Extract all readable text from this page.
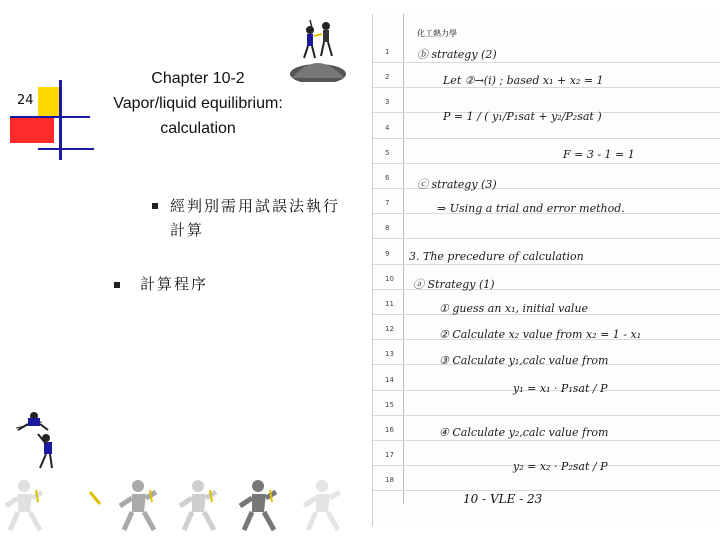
24
Chapter 10-2
Vapor/liquid equilibrium:
calculation
經判別需用試誤法執行計算
計算程序
化工熱力學
1
2
3
4
5
6
7
8
9
10
11
12
13
14
15
16
17
18
ⓑ strategy (2)
Let ②→(i) ; based x₁ + x₂ = 1
P = 1 / ( y₁/P₁sat + y₂/P₂sat )
F = 3 - 1 = 1
ⓒ strategy (3)
⇒ Using a trial and error method.
3. The precedure of calculation
ⓐ Strategy (1)
① guess an x₁, initial value
② Calculate x₂ value from x₂ = 1 - x₁
③ Calculate y₁,calc value from
y₁ = x₁ · P₁sat / P
④ Calculate y₂,calc value from
y₂ = x₂ · P₂sat / P
10 - VLE - 23
